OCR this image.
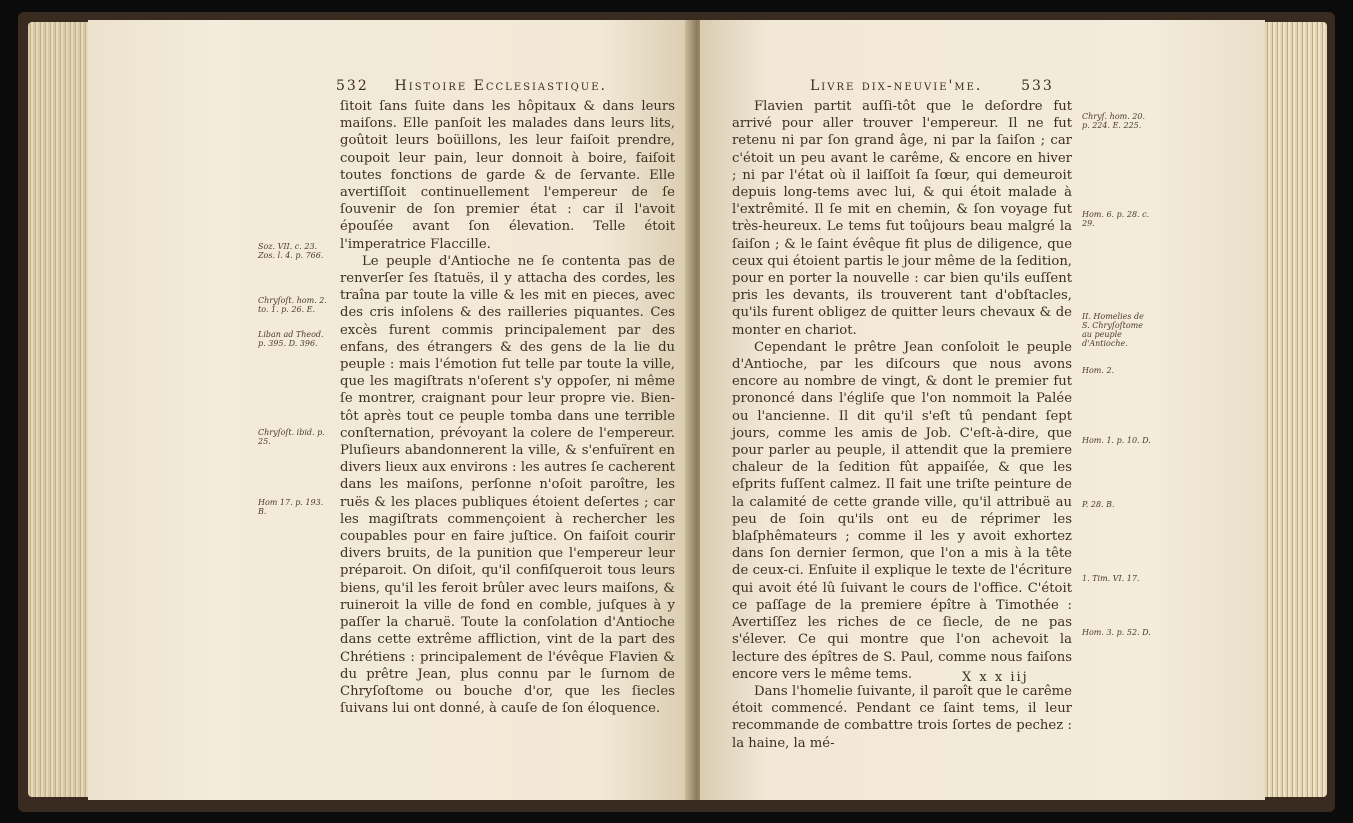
532 Histoire Ecclesiastique.
Soz. VII. c. 23. Zos. l. 4. p. 766.
Chryſoſt. hom. 2. to. 1. p. 26. E.
Liban ad Theod. p. 395. D. 396.
Chryſoſt. ibid. p. 25.
Hom 17. p. 193. B.

ſitoit ſans ſuite dans les hôpitaux & dans leurs maiſons. Elle panſoit les malades dans leurs lits, goûtoit leurs boüillons, les leur faiſoit prendre, coupoit leur pain, leur donnoit à boire, faiſoit toutes fonctions de garde & de ſervante. Elle avertiſſoit continuellement l'empereur de ſe ſouvenir de ſon premier état : car il l'avoit épouſée avant ſon élevation. Telle étoit l'imperatrice Flaccille.

Le peuple d'Antioche ne ſe contenta pas de renverſer ſes ſtatuës, il y attacha des cordes, les traîna par toute la ville & les mit en pieces, avec des cris inſolens & des railleries piquantes. Ces excès furent commis principalement par des enfans, des étrangers & des gens de la lie du peuple : mais l'émotion fut telle par toute la ville, que les magiſtrats n'oſerent s'y oppoſer, ni même ſe montrer, craignant pour leur propre vie. Bien-tôt après tout ce peuple tomba dans une terrible conſternation, prévoyant la colere de l'empereur. Pluſieurs abandonnerent la ville, & s'enfuïrent en divers lieux aux environs : les autres ſe cacherent dans les maiſons, perſonne n'oſoit paroître, les ruës & les places publiques étoient deſertes ; car les magiſtrats commençoient à rechercher les coupables pour en faire juſtice. On faiſoit courir divers bruits, de la punition que l'empereur leur préparoit. On diſoit, qu'il confiſqueroit tous leurs biens, qu'il les feroit brûler avec leurs maiſons, & ruineroit la ville de fond en comble, juſques à y paſſer la charuë. Toute la conſolation d'Antioche dans cette extrême affliction, vint de la part des Chrétiens : principalement de l'évêque Flavien & du prêtre Jean, plus connu par le ſurnom de Chryſoſtome ou bouche d'or, que les ſiecles ſuivans lui ont donné, à cauſe de ſon éloquence.

Livre dix-neuvie'me.	533

Flavien partit auſſi-tôt que le deſordre fut arrivé pour aller trouver l'empereur. Il ne fut retenu ni par ſon grand âge, ni par la ſaiſon ; car c'étoit un peu avant le carême, & encore en hiver ; ni par l'état où il laiſſoit ſa ſœur, qui demeuroit depuis long-tems avec lui, & qui étoit malade à l'extrêmité. Il ſe mit en chemin, & ſon voyage fut très-heureux. Le tems fut toûjours beau malgré la ſaiſon ; & le ſaint évêque fit plus de diligence, que ceux qui étoient partis le jour même de la ſedition, pour en porter la nouvelle : car bien qu'ils euſſent pris les devants, ils trouverent tant d'obſtacles, qu'ils furent obligez de quitter leurs chevaux & de monter en chariot.

Cependant le prêtre Jean conſoloit le peuple d'Antioche, par les diſcours que nous avons encore au nombre de vingt, & dont le premier fut prononcé dans l'égliſe que l'on nommoit la Palée ou l'ancienne. Il dit qu'il s'eſt tû pendant ſept jours, comme les amis de Job. C'eſt-à-dire, que pour parler au peuple, il attendit que la premiere chaleur de la ſedition fût appaiſée, & que les eſprits fuſſent calmez. Il fait une triſte peinture de la calamité de cette grande ville, qu'il attribuë au peu de ſoin qu'ils ont eu de réprimer les blaſphêmateurs ; comme il les y avoit exhortez dans ſon dernier ſermon, que l'on a mis à la tête de ceux-ci. Enſuite il explique le texte de l'écriture qui avoit été lû ſuivant le cours de l'office. C'étoit ce paſſage de la premiere épître à Timothée : Avertiſſez les riches de ce ſiecle, de ne pas s'élever. Ce qui montre que l'on achevoit la lecture des épîtres de S. Paul, comme nous faiſons encore vers le même tems.

Dans l'homelie ſuivante, il paroît que le carême étoit commencé. Pendant ce ſaint tems, il leur recommande de combattre trois ſortes de pechez : la haine, la mé-

Chryſ. hom. 20. p. 224. E. 225.
Hom. 6. p. 28. c. 29.
II. Homelies de S. Chryſoſtome au peuple d'Antioche.
Hom. 2.
Hom. 1. p. 10. D.
P. 28. B.
1. Tim. VI. 17.
Hom. 3. p. 52. D.
X x x iij
